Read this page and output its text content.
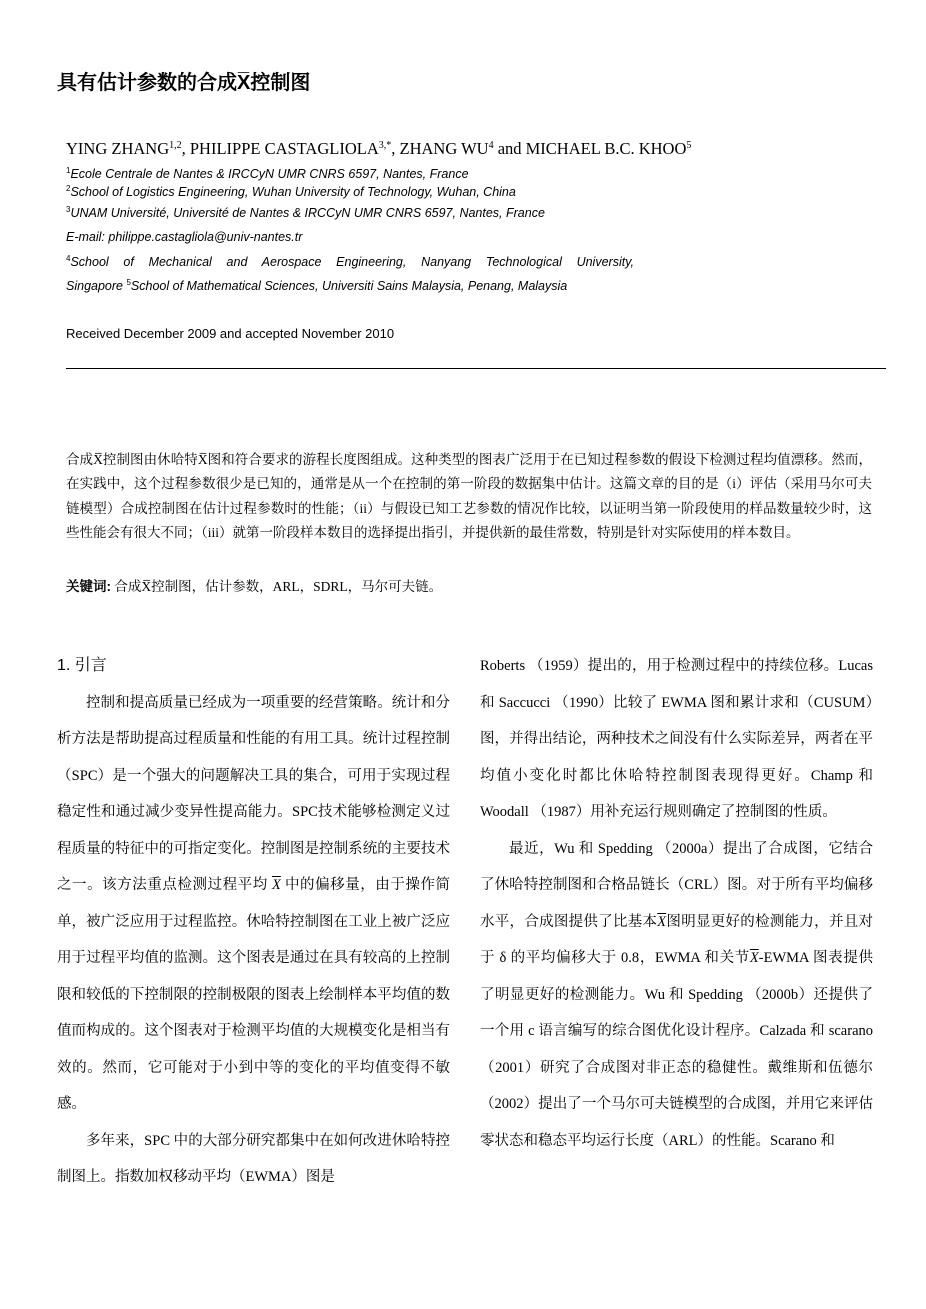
具有估计参数的合成X̅控制图
YING ZHANG$^{1,2}$, PHILIPPE $CASTAGLIOLA^{3,*}$, ZHANG $WU^4$ and MICHAEL B.C. KHOO$^5$
$^1$Ecole Centrale de Nantes & IRCCyN UMR CNRS 6597, Nantes, France
$^2$School of Logistics Engineering, Wuhan University of Technology, Wuhan, China
$^3$UNAM Université, Université de Nantes & IRCCyN UMR CNRS 6597, Nantes, France
E-mail: philippe.castagliola@univ-nantes.tr
$^4$School of Mechanical and Aerospace Engineering, Nanyang Technological University,
Singapore $^5$School of Mathematical Sciences, Universiti Sains Malaysia, Penang, Malaysia
Received December 2009 and accepted November 2010
合成X̅控制图由休哈特X̅图和符合要求的游程长度图组成。这种类型的图表广泛用于在已知过程参数的假设下检测过程均值漂移。然而，在实践中，这个过程参数很少是已知的，通常是从一个在控制的第一阶段的数据集中估计。这篇文章的目的是（i）评估（采用马尔可夫链模型）合成控制图在估计过程参数时的性能；（ii）与假设已知工艺参数的情况作比较，以证明当第一阶段使用的样品数量较少时，这些性能会有很大不同；（iii）就第一阶段样本数目的选择提出指引，并提供新的最佳常数，特别是针对实际使用的样本数目。
关键词: 合成X̅控制图，估计参数，ARL，SDRL，马尔可夫链。

1. 引言

控制和提高质量已经成为一项重要的经营策略。统计和分析方法是帮助提高过程质量和性能的有用工具。统计过程控制（SPC）是一个强大的问题解决工具的集合，可用于实现过程稳定性和通过减少变异性提高能力。SPC技术能够检测定义过程质量的特征中的可指定变化。控制图是控制系统的主要技术之一。该方法重点检测过程平均 $\overline{X}$ 中的偏移量，由于操作简单，被广泛应用于过程监控。休哈特控制图在工业上被广泛应用于过程平均值的监测。这个图表是通过在具有较高的上控制限和较低的下控制限的控制极限的图表上绘制样本平均值的数值而构成的。这个图表对于检测平均值的大规模变化是相当有效的。然而，它可能对于小到中等的变化的平均值变得不敏感。

多年来，SPC 中的大部分研究都集中在如何改进休哈特控制图上。指数加权移动平均（EWMA）图是

Roberts （1959）提出的，用于检测过程中的持续位移。Lucas 和 Saccucci （1990）比较了 EWMA 图和累计求和（CUSUM）图，并得出结论，两种技术之间没有什么实际差异，两者在平均值小变化时都比休哈特控制图表现得更好。Champ 和 Woodall （1987）用补充运行规则确定了控制图的性质。

最近，Wu 和 Spedding （2000a）提出了合成图，它结合了休哈特控制图和合格品链长（CRL）图。对于所有平均偏移水平，合成图提供了比基本$\overline{X}$图明显更好的检测能力，并且对于 δ 的平均偏移大于 0.8，EWMA 和关节$\overline{X}$-EWMA 图表提供了明显更好的检测能力。Wu 和 Spedding （2000b）还提供了一个用 c 语言编写的综合图优化设计程序。Calzada 和 scarano（2001）研究了合成图对非正态的稳健性。戴维斯和伍德尔（2002）提出了一个马尔可夫链模型的合成图，并用它来评估零状态和稳态平均运行长度（ARL）的性能。Scarano 和
